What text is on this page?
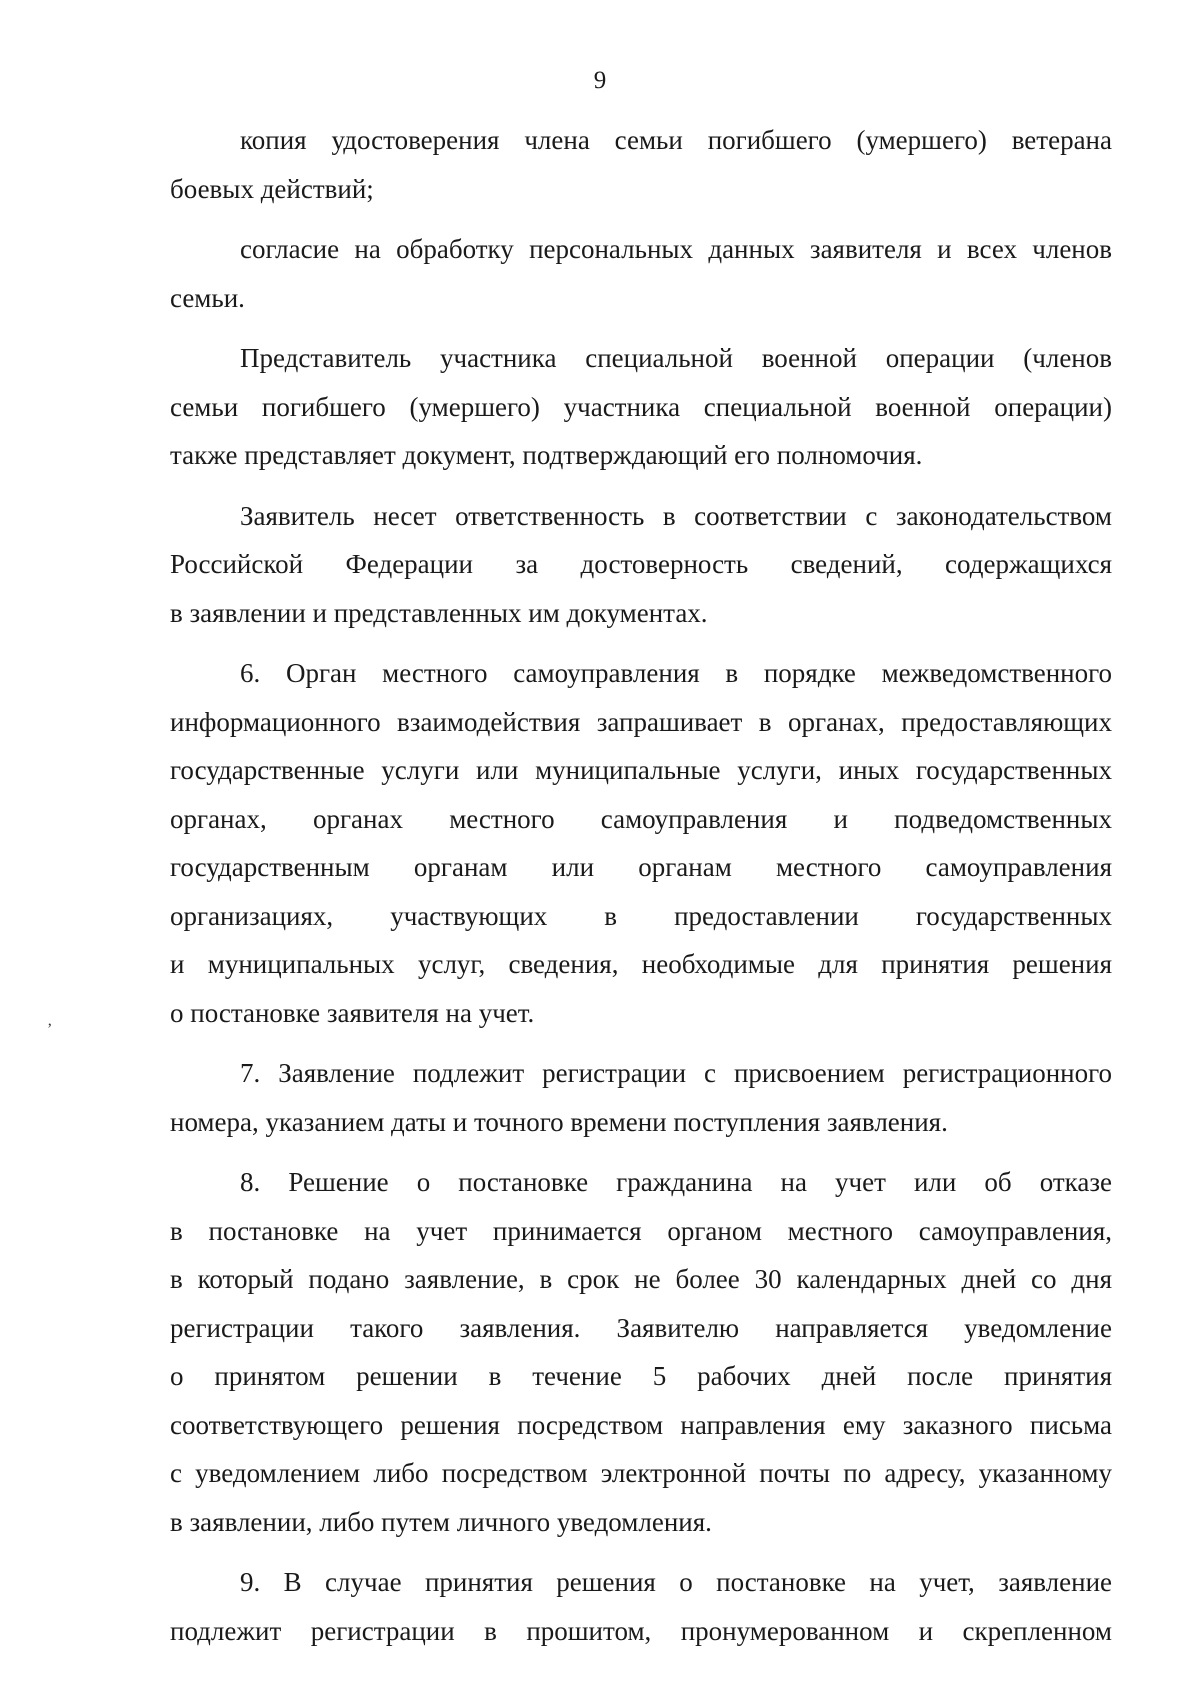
9
’

копия удостоверения члена семьи погибшего (умершего) ветерана
боевых действий;

согласие на обработку персональных данных заявителя и всех членов
семьи.

Представитель участника специальной военной операции (членов
семьи погибшего (умершего) участника специальной военной операции)
также представляет документ, подтверждающий его полномочия.

Заявитель несет ответственность в соответствии с законодательством
Российской Федерации за достоверность сведений, содержащихся
в заявлении и представленных им документах.

6. Орган местного самоуправления в порядке межведомственного
информационного взаимодействия запрашивает в органах, предоставляющих
государственные услуги или муниципальные услуги, иных государственных
органах, органах местного самоуправления и подведомственных
государственным органам или органам местного самоуправления
организациях, участвующих в предоставлении государственных
и муниципальных услуг, сведения, необходимые для принятия решения
о постановке заявителя на учет.

7. Заявление подлежит регистрации с присвоением регистрационного
номера, указанием даты и точного времени поступления заявления.

8. Решение о постановке гражданина на учет или об отказе
в постановке на учет принимается органом местного самоуправления,
в который подано заявление, в срок не более 30 календарных дней со дня
регистрации такого заявления. Заявителю направляется уведомление
о принятом решении в течение 5 рабочих дней после принятия
соответствующего решения посредством направления ему заказного письма
с уведомлением либо посредством электронной почты по адресу, указанному
в заявлении, либо путем личного уведомления.

9. В случае принятия решения о постановке на учет, заявление
подлежит регистрации в прошитом, пронумерованном и скрепленном
